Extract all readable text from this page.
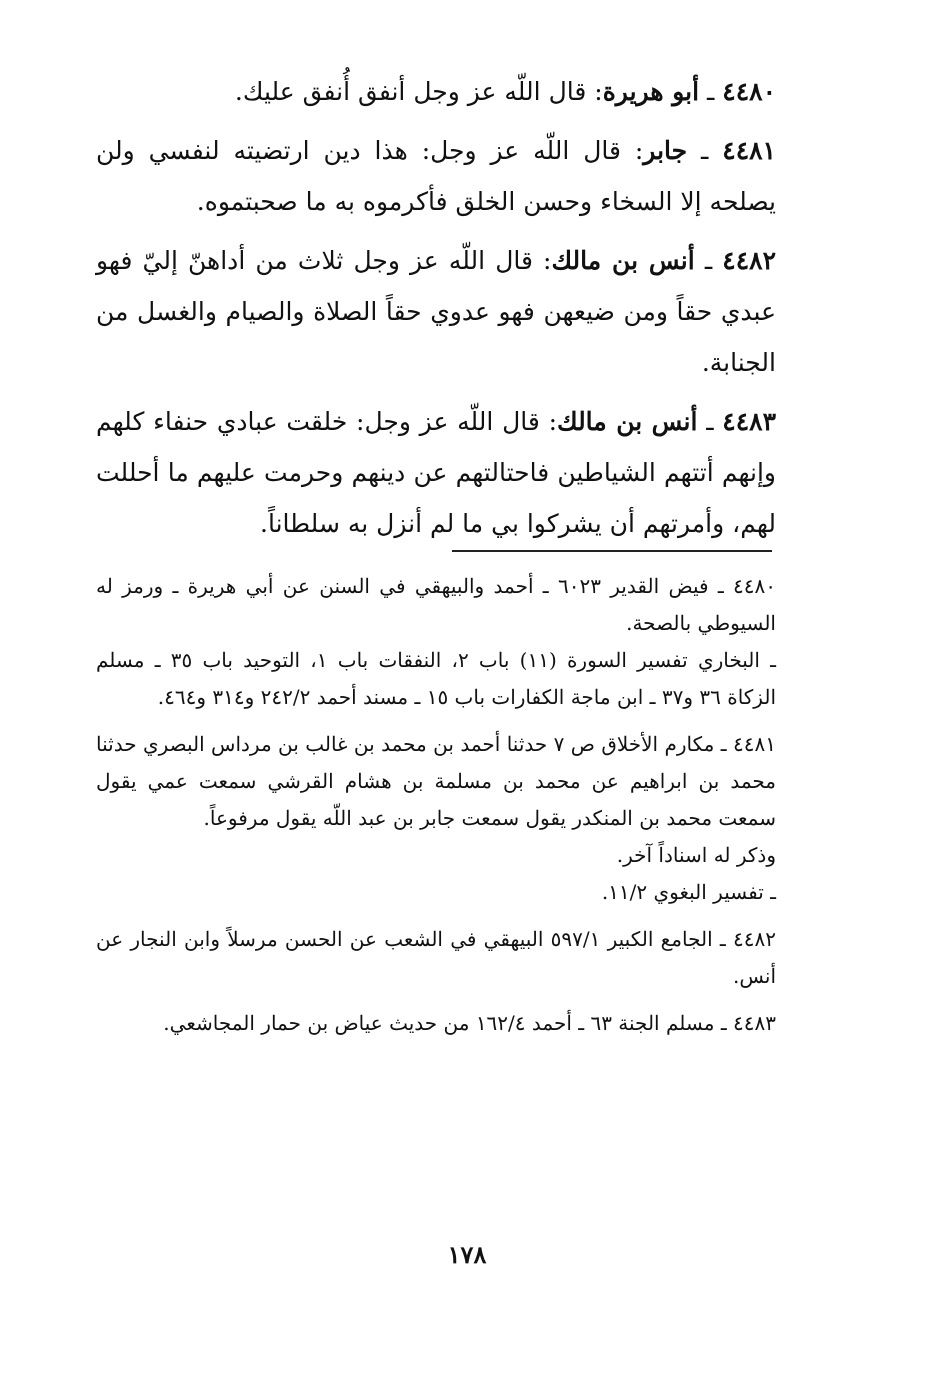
٤٤٨٠ ـ أبو هريرة: قال اللّه عز وجل أنفق أُنفق عليك.

٤٤٨١ ـ جابر: قال اللّه عز وجل: هذا دين ارتضيته لنفسي ولن يصلحه إلا السخاء وحسن الخلق فأكرموه به ما صحبتموه.

٤٤٨٢ ـ أنس بن مالك: قال اللّه عز وجل ثلاث من أداهنّ إليّ فهو عبدي حقاً ومن ضيعهن فهو عدوي حقاً الصلاة والصيام والغسل من الجنابة.

٤٤٨٣ ـ أنس بن مالك: قال اللّه عز وجل: خلقت عبادي حنفاء كلهم وإنهم أتتهم الشياطين فاحتالتهم عن دينهم وحرمت عليهم ما أحللت لهم، وأمرتهم أن يشركوا بي ما لم أنزل به سلطاناً.

٤٤٨٠ ـ فيض القدير ٦٠٢٣ ـ أحمد والبيهقي في السنن عن أبي هريرة ـ ورمز له السيوطي بالصحة.

ـ البخاري تفسير السورة (١١) باب ٢، النفقات باب ١، التوحيد باب ٣٥ ـ مسلم الزكاة ٣٦ و٣٧ ـ ابن ماجة الكفارات باب ١٥ ـ مسند أحمد ٢٤٢/٢ و٣١٤ و٤٦٤.

٤٤٨١ ـ مكارم الأخلاق ص ٧ حدثنا أحمد بن محمد بن غالب بن مرداس البصري حدثنا محمد بن ابراهيم عن محمد بن مسلمة بن هشام القرشي سمعت عمي يقول سمعت محمد بن المنكدر يقول سمعت جابر بن عبد اللّه يقول مرفوعاً.

وذكر له اسناداً آخر.

ـ تفسير البغوي ١١/٢.

٤٤٨٢ ـ الجامع الكبير ٥٩٧/١ البيهقي في الشعب عن الحسن مرسلاً وابن النجار عن أنس.

٤٤٨٣ ـ مسلم الجنة ٦٣ ـ أحمد ١٦٢/٤ من حديث عياض بن حمار المجاشعي.

١٧٨
